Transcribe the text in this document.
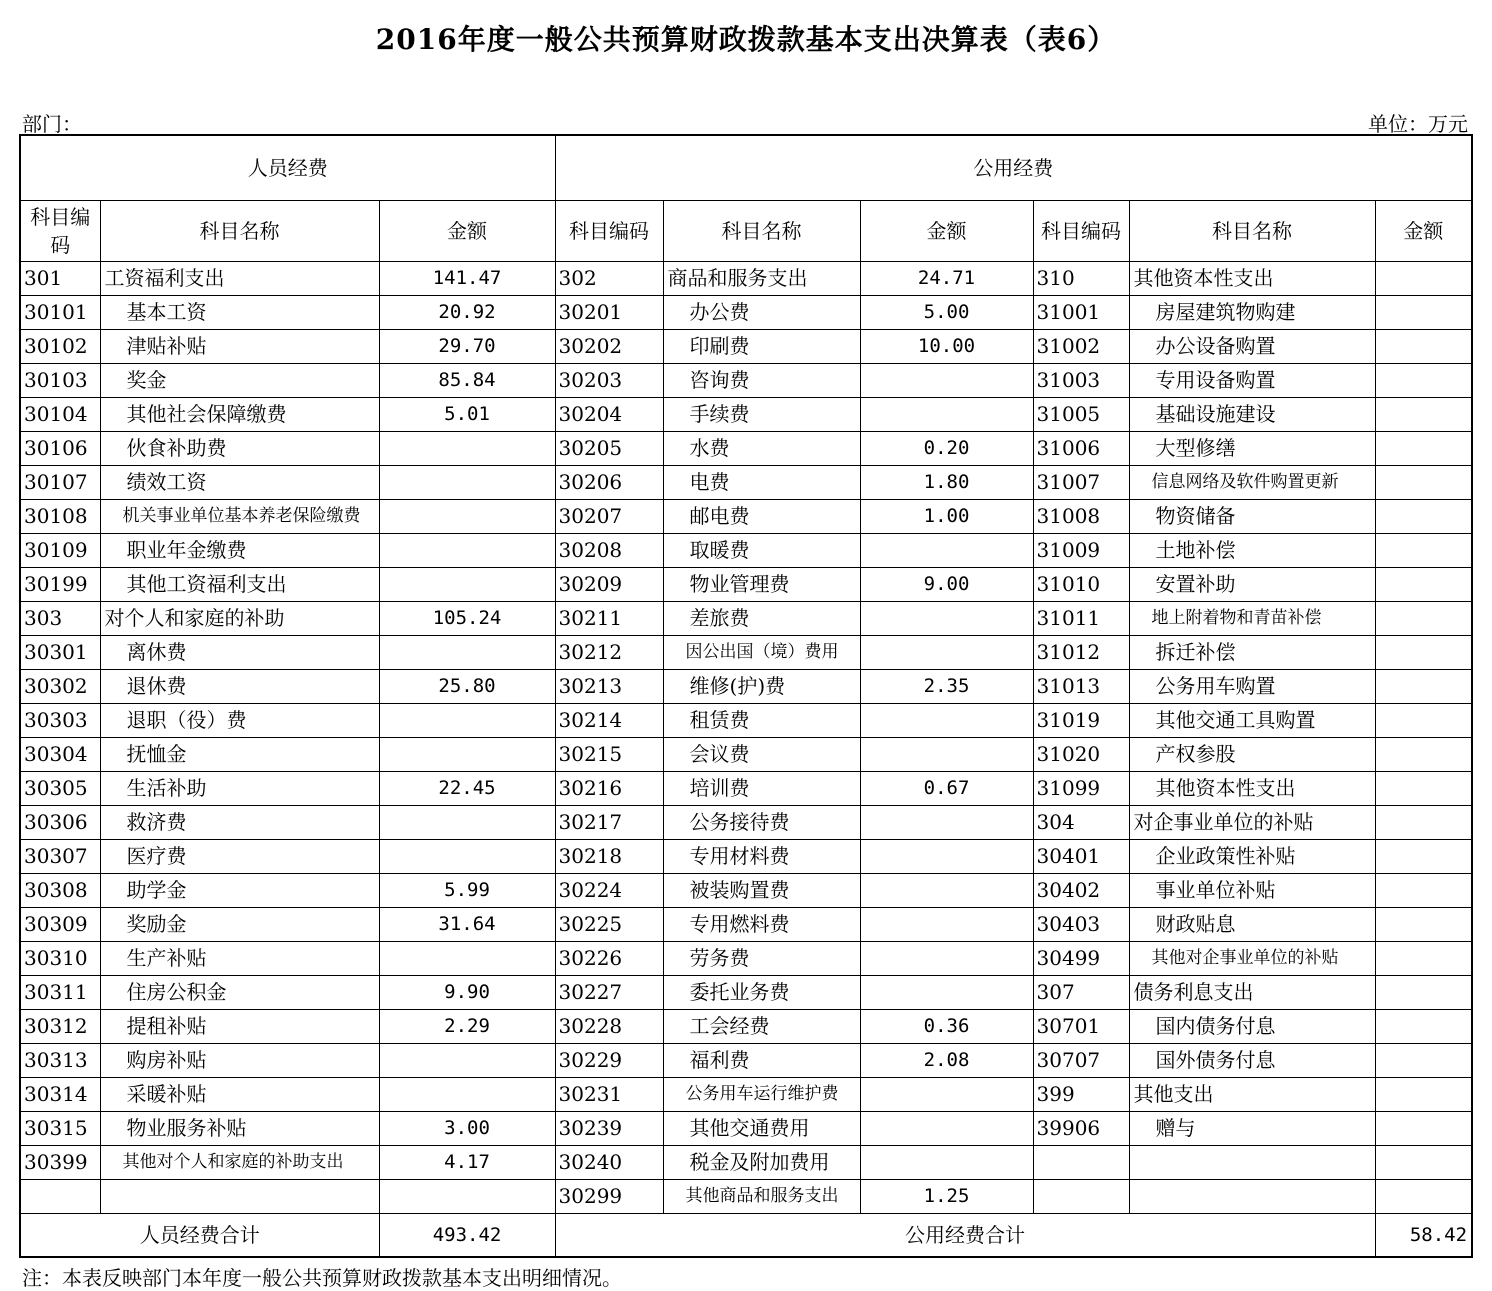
2016年度一般公共预算财政拨款基本支出决算表（表6）
部门：	单位：万元
人员经费			公用经费					
科目编
码	科目名称	金额	科目编码	科目名称	金额	科目编码	科目名称	金额
301	工资福利支出	141.47	302	商品和服务支出	24.71	310	其他资本性支出	
30101	基本工资	20.92	30201	办公费	5.00	31001	房屋建筑物购建	
30102	津贴补贴	29.70	30202	印刷费	10.00	31002	办公设备购置	
30103	奖金	85.84	30203	咨询费		31003	专用设备购置	
30104	其他社会保障缴费	5.01	30204	手续费		31005	基础设施建设	
30106	伙食补助费		30205	水费	0.20	31006	大型修缮	
30107	绩效工资		30206	电费	1.80	31007	信息网络及软件购置更新	
30108	机关事业单位基本养老保险缴费		30207	邮电费	1.00	31008	物资储备	
30109	职业年金缴费		30208	取暖费		31009	土地补偿	
30199	其他工资福利支出		30209	物业管理费	9.00	31010	安置补助	
303	对个人和家庭的补助	105.24	30211	差旅费		31011	地上附着物和青苗补偿	
30301	离休费		30212	因公出国（境）费用		31012	拆迁补偿	
30302	退休费	25.80	30213	维修(护)费	2.35	31013	公务用车购置	
30303	退职（役）费		30214	租赁费		31019	其他交通工具购置	
30304	抚恤金		30215	会议费		31020	产权参股	
30305	生活补助	22.45	30216	培训费	0.67	31099	其他资本性支出	
30306	救济费		30217	公务接待费		304	对企事业单位的补贴	
30307	医疗费		30218	专用材料费		30401	企业政策性补贴	
30308	助学金	5.99	30224	被装购置费		30402	事业单位补贴	
30309	奖励金	31.64	30225	专用燃料费		30403	财政贴息	
30310	生产补贴		30226	劳务费		30499	其他对企事业单位的补贴	
30311	住房公积金	9.90	30227	委托业务费		307	债务利息支出	
30312	提租补贴	2.29	30228	工会经费	0.36	30701	国内债务付息	
30313	购房补贴		30229	福利费	2.08	30707	国外债务付息	
30314	采暖补贴		30231	公务用车运行维护费		399	其他支出	
30315	物业服务补贴	3.00	30239	其他交通费用		39906	赠与	
30399	其他对个人和家庭的补助支出	4.17	30240	税金及附加费用				
			30299	其他商品和服务支出	1.25			
人员经费合计		493.42	公用经费合计					58.42
注：本表反映部门本年度一般公共预算财政拨款基本支出明细情况。
